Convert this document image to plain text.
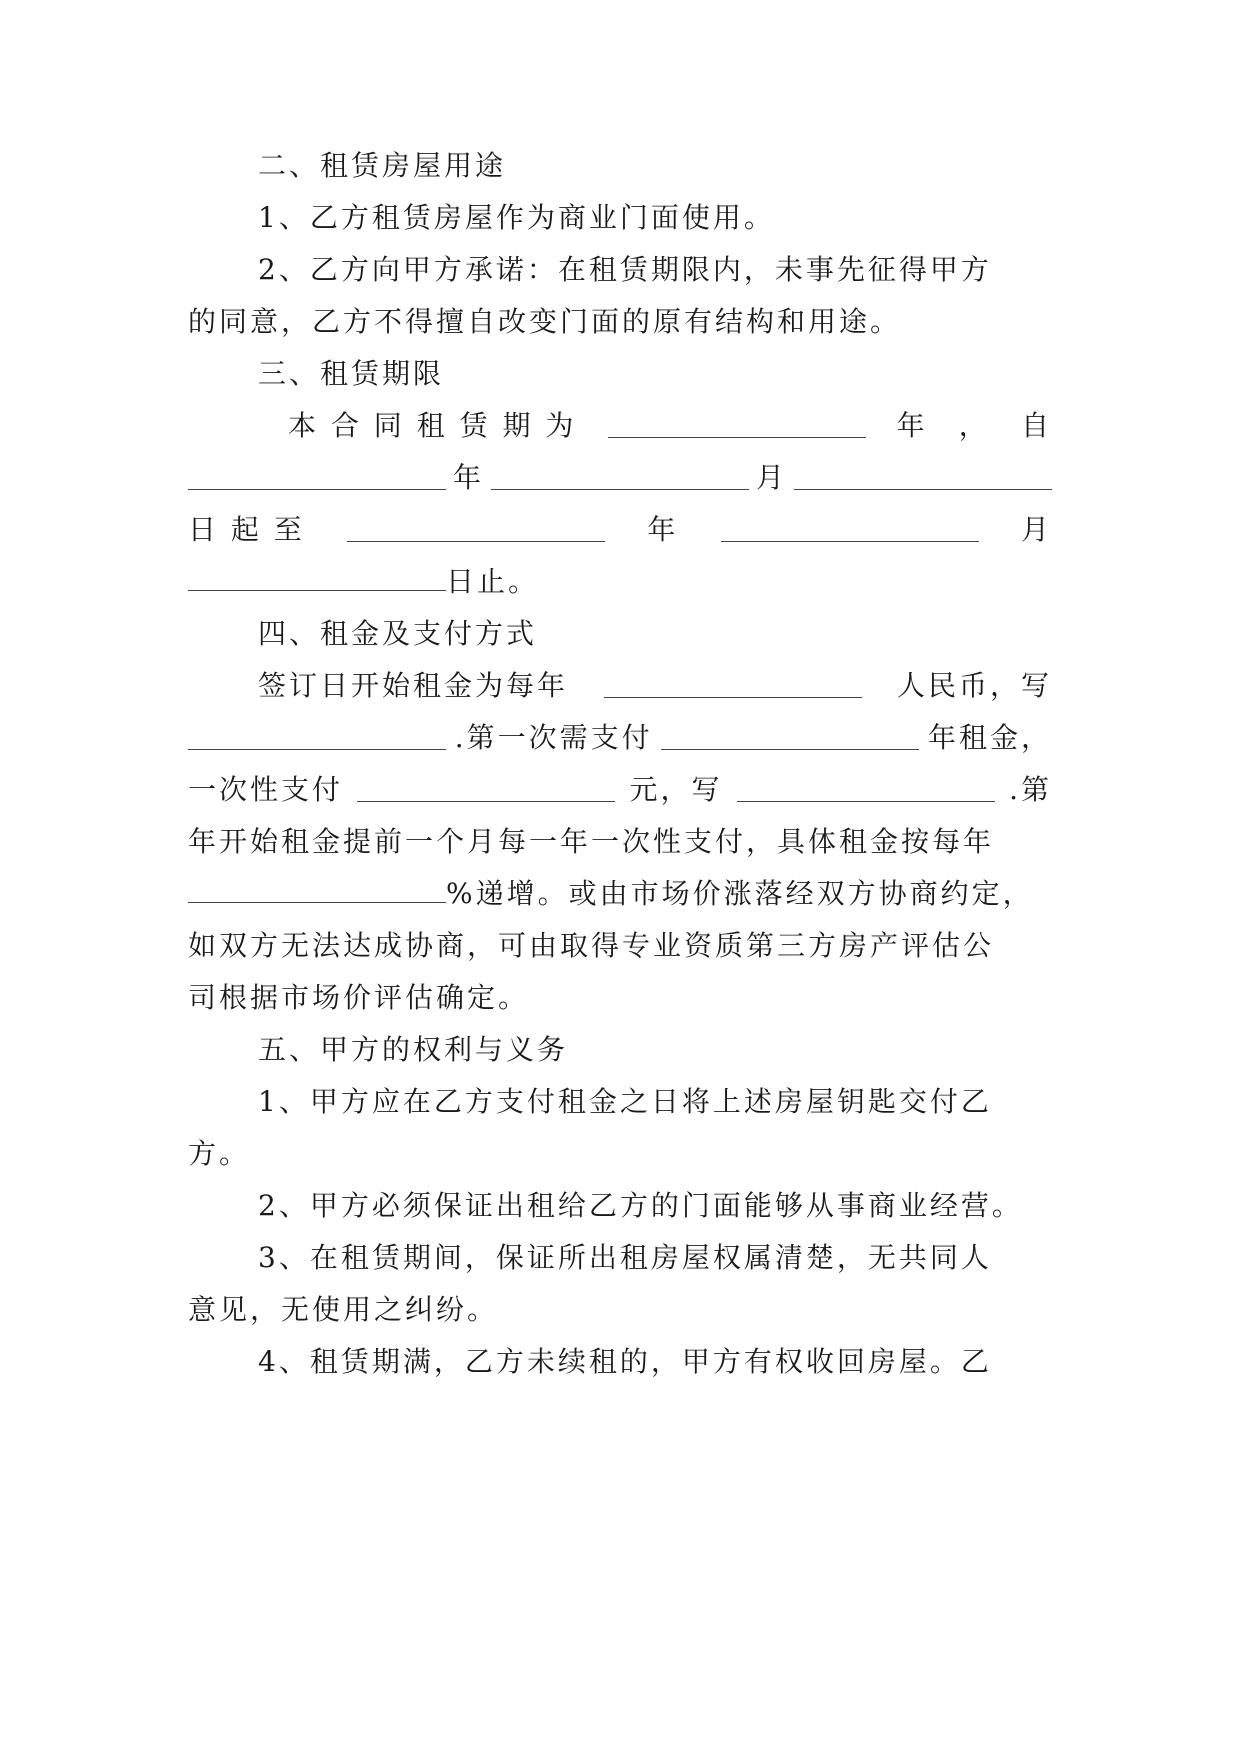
二、租赁房屋用途
1、乙方租赁房屋作为商业门面使用。
2、乙方向甲方承诺：在租赁期限内，未事先征得甲方
的同意，乙方不得擅自改变门面的原有结构和用途。
三、租赁期限
本 合 同 租 赁 期 为	年 ， 自
年	月
日 起 至	年	月
日止。
四、租金及支付方式
签订日开始租金为每年	人民币，写
.第一次需支付	年租金，
一次性支付	元，写	.第
年开始租金提前一个月每一年一次性支付，具体租金按每年
%递增。或由市场价涨落经双方协商约定，
如双方无法达成协商，可由取得专业资质第三方房产评估公
司根据市场价评估确定。
五、甲方的权利与义务
1、甲方应在乙方支付租金之日将上述房屋钥匙交付乙
方。
2、甲方必须保证出租给乙方的门面能够从事商业经营。
3、在租赁期间，保证所出租房屋权属清楚，无共同人
意见，无使用之纠纷。
4、租赁期满，乙方未续租的，甲方有权收回房屋。乙
